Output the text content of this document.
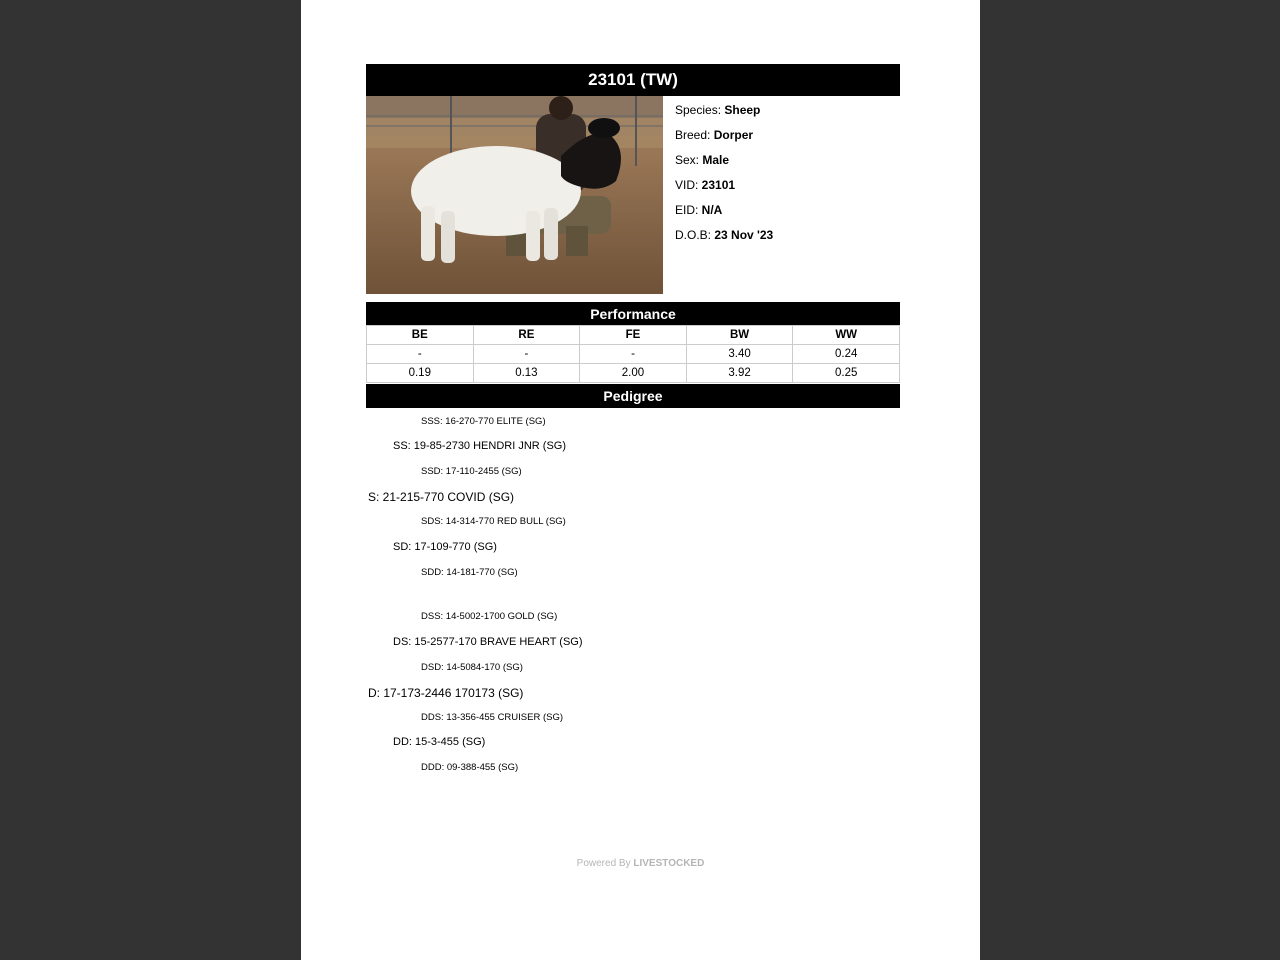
23101 (TW)
Species: Sheep
Breed: Dorper
Sex: Male
VID: 23101
EID: N/A
D.O.B: 23 Nov '23
Performance
BE	RE	FE	BW	WW
-	-	-	3.40	0.24
0.19	0.13	2.00	3.92	0.25
Pedigree
SSS: 16-270-770 ELITE (SG)
SS: 19-85-2730 HENDRI JNR (SG)
SSD: 17-110-2455 (SG)
S: 21-215-770 COVID (SG)
SDS: 14-314-770 RED BULL (SG)
SD: 17-109-770 (SG)
SDD: 14-181-770 (SG)
DSS: 14-5002-1700 GOLD (SG)
DS: 15-2577-170 BRAVE HEART (SG)
DSD: 14-5084-170 (SG)
D: 17-173-2446 170173 (SG)
DDS: 13-356-455 CRUISER (SG)
DD: 15-3-455 (SG)
DDD: 09-388-455 (SG)
Powered By LIVESTOCKED
